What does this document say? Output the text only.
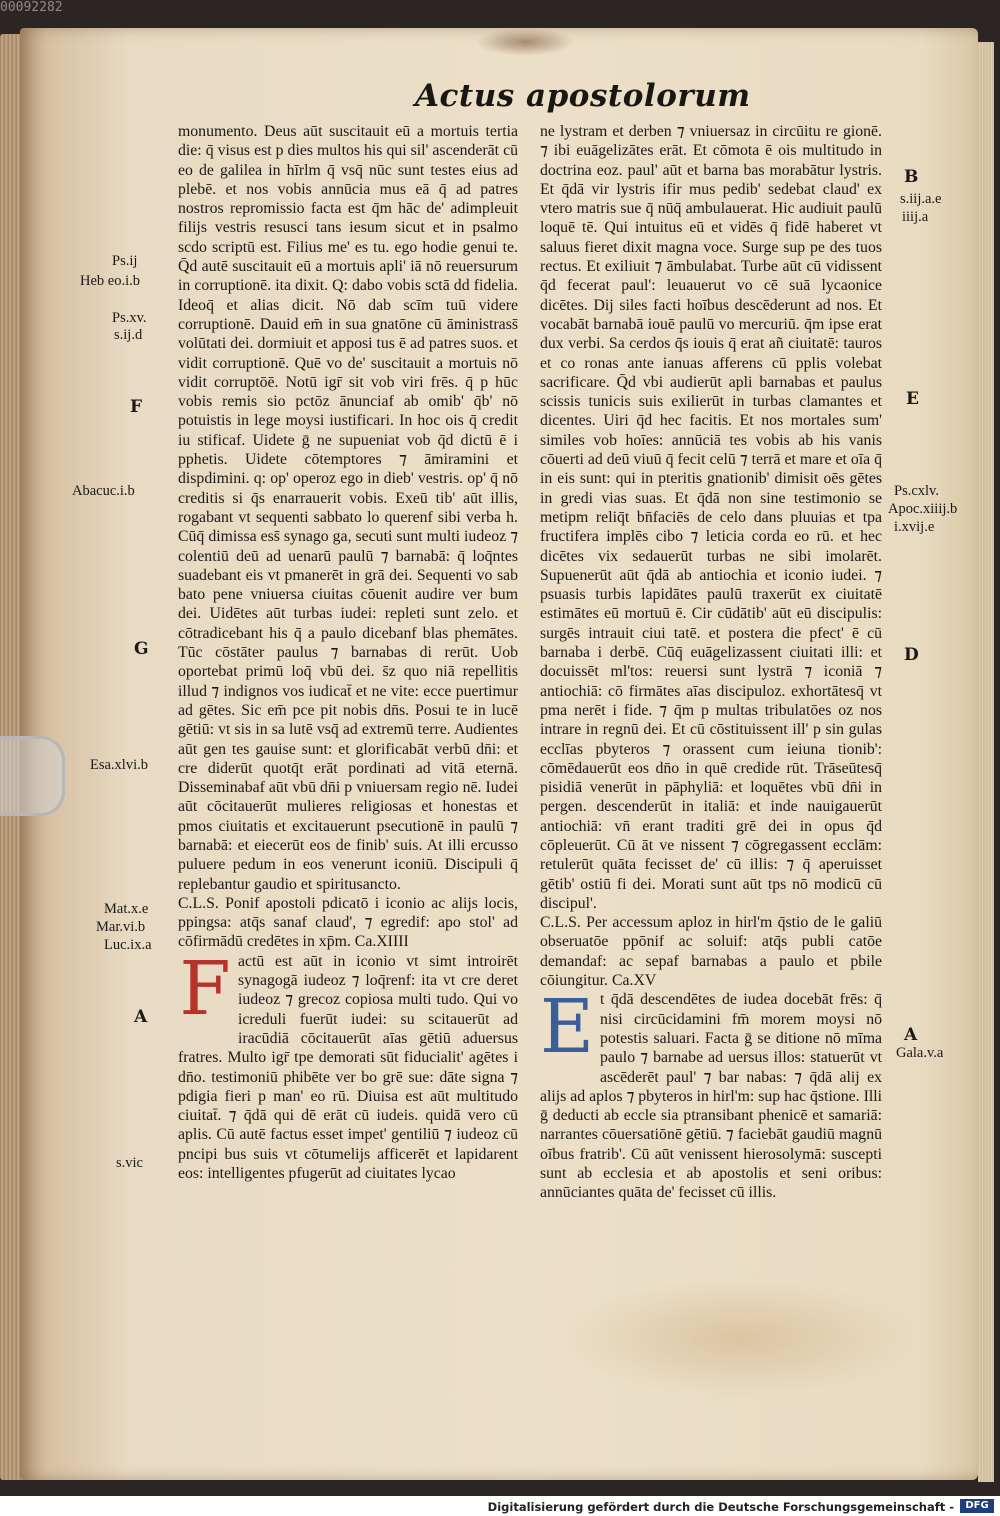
00092282
Actus apostolorum

monumento. Deus aūt suscitauit eū a mortuis tertia die: q̄ visus est p dies multos his qui sil' ascenderāt cū eo de galilea in hīrlm q̄ vsq̄ nūc sunt testes eius ad plebē. et nos vobis annūcia mus eā q̄ ad patres nostros repromissio facta est q̄m hāc de' adimpleuit filijs vestris resusci tans iesum sicut et in psalmo scdo scriptū est. Filius me' es tu. ego hodie genui te. Q̄d autē suscitauit eū a mortuis apli' iā nō reuersurum in corruptionē. ita dixit. Q: dabo vobis sctā dd fidelia. Ideoq̄ et alias dicit. Nō dab scīm tuū videre corruptionē. Dauid em̄ in sua gnatōne cū āministrass̄ volūtati dei. dormiuit et apposi tus ē ad patres suos. et vidit corruptionē. Quē vo de' suscitauit a mortuis nō vidit corruptōē. Notū igr̄ sit vob viri frēs. q̄ p hūc vobis remis sio pctōz ānunciaf ab omib' q̄b' nō potuistis in lege moysi iustificari. In hoc ois q̄ credit iu stificaf. Uidete ḡ ne supueniat vob q̄d dictū ē i pphetis. Uidete cōtemptores ⁊ āmiramini et dispdimini. q: op' operoz ego in dieb' vestris. op' q̄ nō creditis si q̄s enarrauerit vobis. Exeū tib' aūt illis, rogabant vt sequenti sabbato lo querenf sibi verba h. Cūq̄ dimissa ess̄ synago ga, secuti sunt multi iudeoz ⁊ colentiū deū ad uenarū paulū ⁊ barnabā: q̄ loq̄ntes suadebant eis vt pmanerēt in grā dei. Sequenti vo sab bato pene vniuersa ciuitas cōuenit audire ver bum dei. Uidētes aūt turbas iudei: repleti sunt zelo. et cōtradicebant his q̄ a paulo dicebanf blas phemātes. Tūc cōstāter paulus ⁊ barnabas di rerūt. Uob oportebat primū loq̄ vbū dei. s̄z quo niā repellitis illud ⁊ indignos vos iudicat̄ et ne vite: ecce puertimur ad gētes. Sic em̄ pce pit nobis dn̄s. Posui te in lucē gētiū: vt sis in sa lutē vsq̄ ad extremū terre. Audientes aūt gen tes gauise sunt: et glorificabāt verbū dn̄i: et cre diderūt quotq̄t erāt pordinati ad vitā eternā. Disseminabaf aūt vbū dn̄i p vniuersam regio nē. Iudei aūt cōcitauerūt mulieres religiosas et honestas et pmos ciuitatis et excitauerunt psecutionē in paulū ⁊ barnabā: et eiecerūt eos de finib' suis. At illi ercusso puluere pedum in eos venerunt iconiū. Discipuli q̄ replebantur gaudio et spiritusancto.

C.L.S. Ponif apostoli pdicatō i iconio ac alijs locis, ppingsa: atq̄s sanaf claud', ⁊ egredif: apo stol' ad cōfirmādū credētes in xp̄m. Ca.XIIII

F actū est aūt in iconio vt simt introirēt synagogā iudeoz ⁊ loq̄renf: ita vt cre deret iudeoz ⁊ grecoz copiosa multi tudo. Qui vo icreduli fuerūt iudei: su scitauerūt ad iracūdiā cōcitauerūt aīas gētiū aduersus fratres. Multo igr̄ tpe demorati sūt fiducialit' agētes i dn̄o. testimoniū phibēte ver bo grē sue: dāte signa ⁊ pdigia fieri p man' eo rū. Diuisa est aūt multitudo ciuitat̄. ⁊ q̄dā qui dē erāt cū iudeis. quidā vero cū aplis. Cū autē factus esset impet' gentiliū ⁊ iudeoz cū pncipi bus suis vt cōtumelijs afficerēt et lapidarent eos: intelligentes pfugerūt ad ciuitates lycao

ne lystram et derben ⁊ vniuersaz in circūitu re gionē. ⁊ ibi euāgelizātes erāt. Et cōmota ē ois multitudo in doctrina eoz. paul' aūt et barna bas morabātur lystris. Et q̄dā vir lystris ifir mus pedib' sedebat claud' ex vtero matris sue q̄ nūq̄ ambulauerat. Hic audiuit paulū loquē tē. Qui intuitus eū et vidēs q̄ fidē haberet vt saluus fieret dixit magna voce. Surge sup pe des tuos rectus. Et exiliuit ⁊ āmbulabat. Turbe aūt cū vidissent q̄d fecerat paul': leuauerut vo cē suā lycaonice dicētes. Dij siles facti hoībus descēderunt ad nos. Et vocabāt barnabā iouē paulū vo mercuriū. q̄m ipse erat dux verbi. Sa cerdos q̄s iouis q̄ erat añ ciuitatē: tauros et co ronas ante ianuas afferens cū pplis volebat sacrificare. Q̄d vbi audierūt apli barnabas et paulus scissis tunicis suis exilierūt in turbas clamantes et dicentes. Uiri q̄d hec facitis. Et nos mortales sum' similes vob hoīes: annūciā tes vobis ab his vanis cōuerti ad deū viuū q̄ fecit celū ⁊ terrā et mare et oīa q̄ in eis sunt: qui in pteritis gnationib' dimisit oēs gētes in gredi vias suas. Et q̄dā non sine testimonio se metipm reliq̄t bn̄faciēs de celo dans pluuias et tpa fructifera implēs cibo ⁊ leticia corda eo rū. et hec dicētes vix sedauerūt turbas ne sibi imolarēt. Supuenerūt aūt q̄dā ab antiochia et iconio iudei. ⁊ psuasis turbis lapidātes paulū traxerūt ex ciuitatē estimātes eū mortuū ē. Cir cūdātib' aūt eū discipulis: surgēs intrauit ciui tatē. et postera die pfect' ē cū barnaba i derbē. Cūq̄ euāgelizassent ciuitati illi: et docuissēt ml'tos: reuersi sunt lystrā ⁊ iconiā ⁊ antiochiā: cō firmātes aīas discipuloz. exhortātesq̄ vt pma nerēt i fide. ⁊ q̄m p multas tribulatōes oz nos intrare in regnū dei. Et cū cōstituissent ill' p sin gulas ecclīas pbyteros ⁊ orassent cum ieiuna tionib': cōmēdauerūt eos dn̄o in quē credide rūt. Trāseūtesq̄ pisidiā venerūt in pāphyliā: et loquētes vbū dn̄i in pergen. descenderūt in italiā: et inde nauigauerūt antiochiā: vn̄ erant traditi grē dei in opus q̄d cōpleuerūt. Cū āt ve nissent ⁊ cōgregassent ecclām: retulerūt quāta fecisset de' cū illis: ⁊ q̄ aperuisset gētib' ostiū fi dei. Morati sunt aūt tps nō modicū cū discipul'.

C.L.S. Per accessum aploz in hirl'm q̄stio de le galiū obseruatōe ppōnif ac soluif: atq̄s publi catōe demandaf: ac sepaf barnabas a paulo et pbile cōiungitur. Ca.XV

E t q̄dā descendētes de iudea docebāt frēs: q̄ nisi circūcidamini fm̄ morem moysi nō potestis saluari. Facta ḡ se ditione nō mīma paulo ⁊ barnabe ad uersus illos: statuerūt vt ascēderēt paul' ⁊ bar nabas: ⁊ q̄dā alij ex alijs ad aplos ⁊ pbyteros in hirl'm: sup hac q̄stione. Illi ḡ deducti ab eccle sia ptransibant phenicē et samariā: narrantes cōuersatiōnē gētiū. ⁊ faciebāt gaudiū magnū oībus fratrib'. Cū aūt venissent hierosolymā: suscepti sunt ab ecclesia et ab apostolis et seni oribus: annūciantes quāta de' fecisset cū illis.
Ps.ij
Heb eo.i.b
Ps.xv.
s.ij.d
F
Abacuc.i.b
G
Esa.xlvi.b
Mat.x.e
Mar.vi.b
Luc.ix.a
A
s.vic
B
s.iij.a.e
iiij.a
E
Ps.cxlv.
Apoc.xiiij.b
i.xvij.e
D
A
Gala.v.a
Digitalisierung gefördert durch die Deutsche Forschungsgemeinschaft -	DFG
